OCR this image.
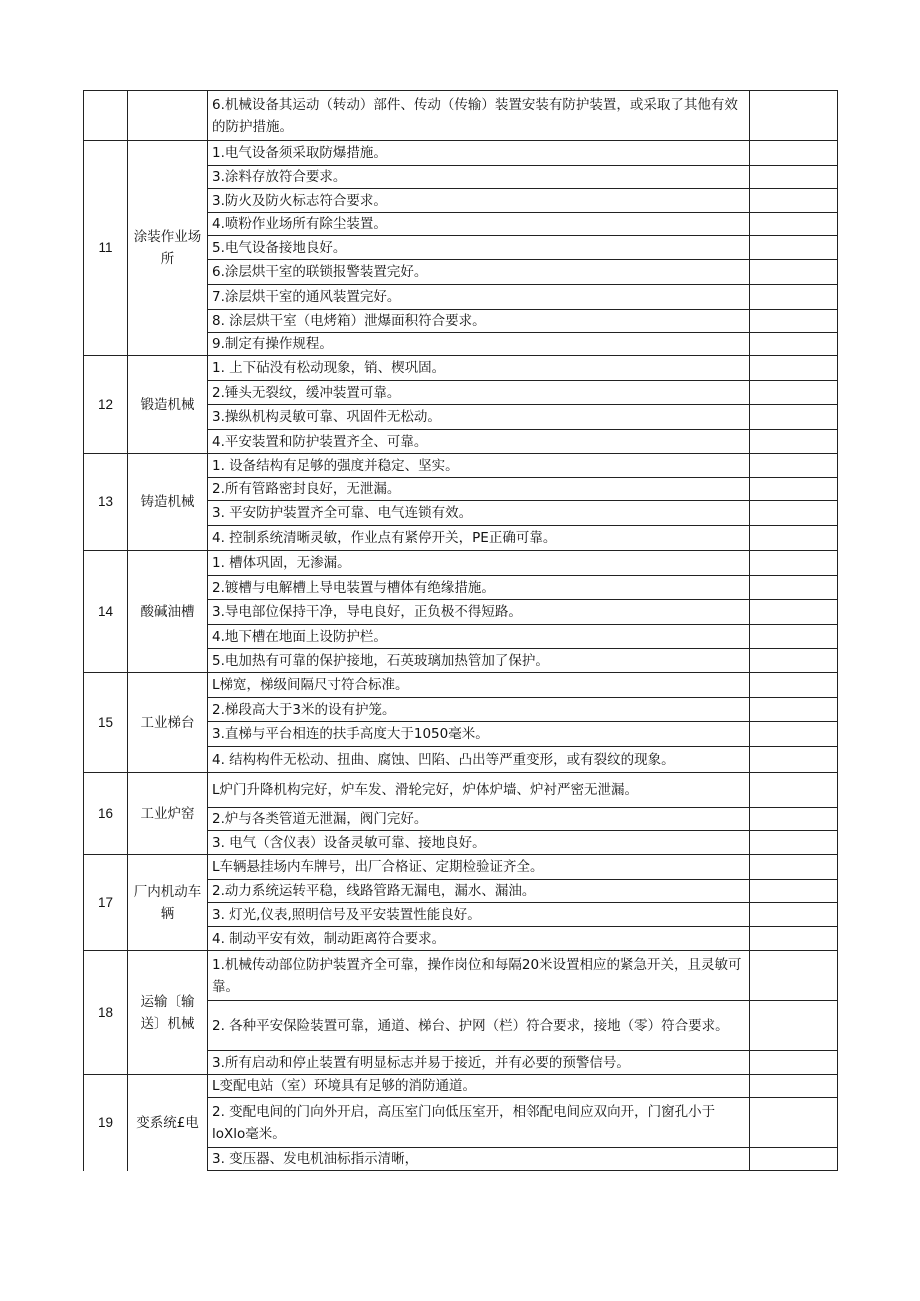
		6.机械设备其运动（转动）部件、传动（传输）装置安装有防护装置，或采取了其他有效的防护措施。	
11	涂装作业场所	1.电气设备须采取防爆措施。	
		3.涂料存放符合要求。	
		3.防火及防火标志符合要求。	
		4.喷粉作业场所有除尘装置。	
		5.电气设备接地良好。	
		6.涂层烘干室的联锁报警装置完好。	
		7.涂层烘干室的通风装置完好。	
		8. 涂层烘干室（电烤箱）泄爆面积符合要求。	
		9.制定有操作规程。	
12	锻造机械	1. 上下砧没有松动现象，销、楔巩固。	
		2.锤头无裂纹，缓冲装置可靠。	
		3.操纵机构灵敏可靠、巩固件无松动。	
		4.平安装置和防护装置齐全、可靠。	
13	铸造机械	1. 设备结构有足够的强度并稳定、坚实。	
		2.所有管路密封良好，无泄漏。	
		3. 平安防护装置齐全可靠、电气连锁有效。	
		4. 控制系统清晰灵敏，作业点有紧停开关，PE正确可靠。	
14	酸碱油槽	1. 槽体巩固，无渗漏。	
		2.镀槽与电解槽上导电装置与槽体有绝缘措施。	
		3.导电部位保持干净，导电良好，正负极不得短路。	
		4.地下槽在地面上设防护栏。	
		5.电加热有可靠的保护接地，石英玻璃加热管加了保护。	
15	工业梯台	L梯宽，梯级间隔尺寸符合标准。	
		2.梯段高大于3米的设有护笼。	
		3.直梯与平台相连的扶手高度大于1050毫米。	
		4. 结构构件无松动、扭曲、腐蚀、凹陷、凸出等严重变形，或有裂纹的现象。	
16	工业炉窑	L炉门升降机构完好，炉车发、滑轮完好，炉体炉墙、炉衬严密无泄漏。	
		2.炉与各类管道无泄漏，阀门完好。	
		3. 电气（含仪表）设备灵敏可靠、接地良好。	
17	厂内机动车辆	L车辆悬挂场内车牌号，出厂合格证、定期检验证齐全。	
		2.动力系统运转平稳，线路管路无漏电，漏水、漏油。	
		3. 灯光,仪表,照明信号及平安装置性能良好。	
		4. 制动平安有效，制动距离符合要求。	
18	运输〔输送〕机械	1.机械传动部位防护装置齐全可靠，操作岗位和每隔20米设置相应的紧急开关，且灵敏可靠。	
		2. 各种平安保险装置可靠，通道、梯台、护网（栏）符合要求，接地（零）符合要求。	
		3.所有启动和停止装置有明显标志并易于接近，并有必要的预警信号。	
19	变系统£电	L变配电站（室）环境具有足够的消防通道。	
		2. 变配电间的门向外开启，高压室门向低压室开，相邻配电间应双向开，门窗孔小于loXlo毫米。	
		3. 变压器、发电机油标指示清晰，	
